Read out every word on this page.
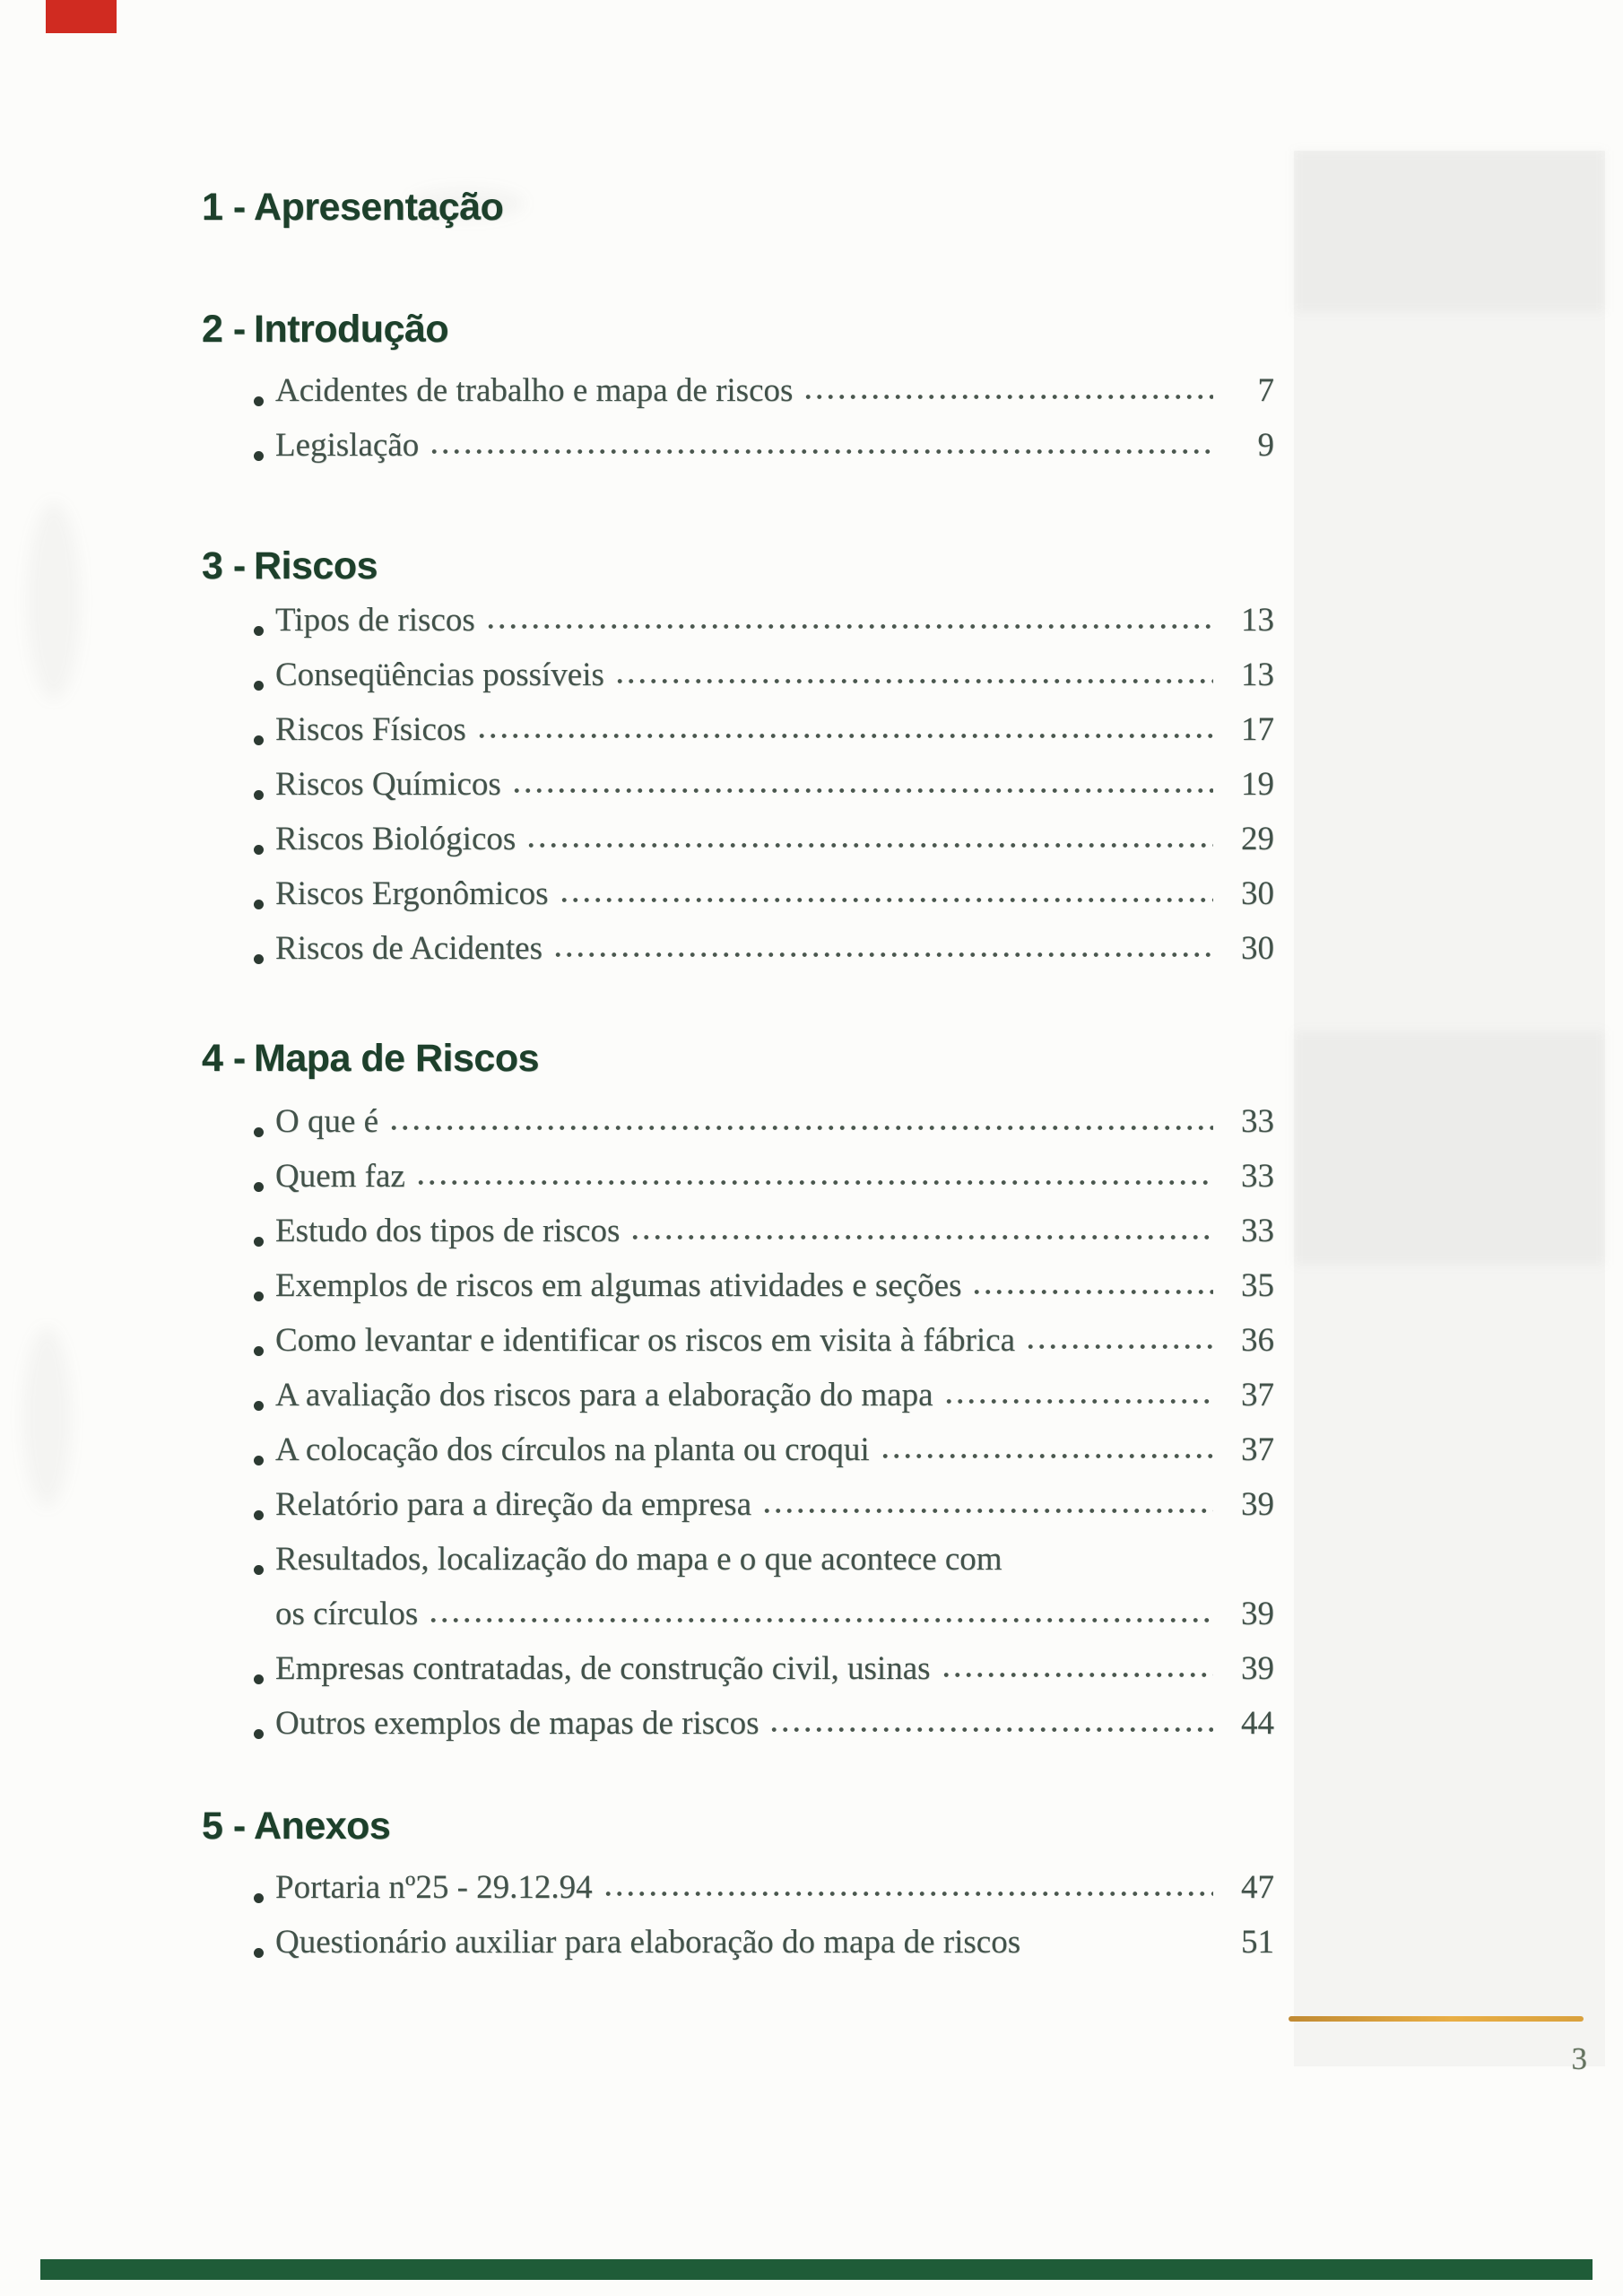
1 - Apresentação
2 - Introdução
Acidentes de trabalho e mapa de riscos	7
Legislação	9
3 - Riscos
Tipos de riscos	13
Conseqüências possíveis	13
Riscos Físicos	17
Riscos Químicos	19
Riscos Biológicos	29
Riscos Ergonômicos	30
Riscos de Acidentes	30
4 - Mapa de Riscos
O que é	33
Quem faz	33
Estudo dos tipos de riscos	33
Exemplos de riscos em algumas atividades e seções	35
Como levantar e identificar os riscos em visita à fábrica	36
A avaliação dos riscos para a elaboração do mapa	37
A colocação dos círculos na planta ou croqui	37
Relatório para a direção da empresa	39
Resultados, localização do mapa e o que acontece com
os círculos	39
Empresas contratadas, de construção civil, usinas	39
Outros exemplos de mapas de riscos	44
5 - Anexos
Portaria nº25 - 29.12.94	47
Questionário auxiliar para elaboração do mapa de riscos	51
3
